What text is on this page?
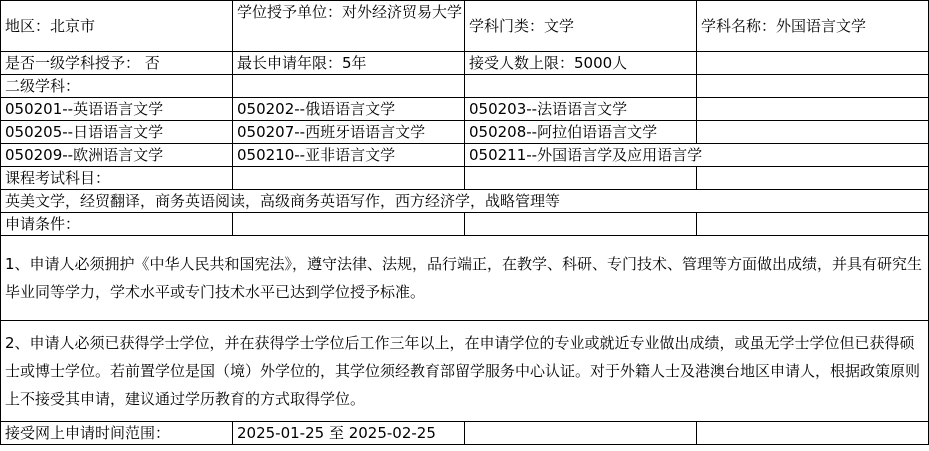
地区：北京市	学位授予单位：对外经济贸易大学	学科门类：文学	学科名称：外国语言文学
是否一级学科授予： 否	最长申请年限：5年	接受人数上限：5000人	
二级学科：			
050201--英语语言文学	050202--俄语语言文学	050203--法语语言文学	
050205--日语语言文学	050207--西班牙语语言文学	050208--阿拉伯语语言文学	
050209--欧洲语言文学	050210--亚非语言文学	050211--外国语言学及应用语言学	
课程考试科目：			
英美文学，经贸翻译，商务英语阅读，高级商务英语写作，西方经济学，战略管理等			
申请条件：			
1、申请人必须拥护《中华人民共和国宪法》，遵守法律、法规，品行端正，在教学、科研、专门技术、管理等方面做出成绩，并具有研究生毕业同等学力，学术水平或专门技术水平已达到学位授予标准。			
2、申请人必须已获得学士学位，并在获得学士学位后工作三年以上，在申请学位的专业或就近专业做出成绩，或虽无学士学位但已获得硕士或博士学位。若前置学位是国（境）外学位的，其学位须经教育部留学服务中心认证。对于外籍人士及港澳台地区申请人，根据政策原则上不接受其申请，建议通过学历教育的方式取得学位。			
接受网上申请时间范围：	2025-01-25 至 2025-02-25		
